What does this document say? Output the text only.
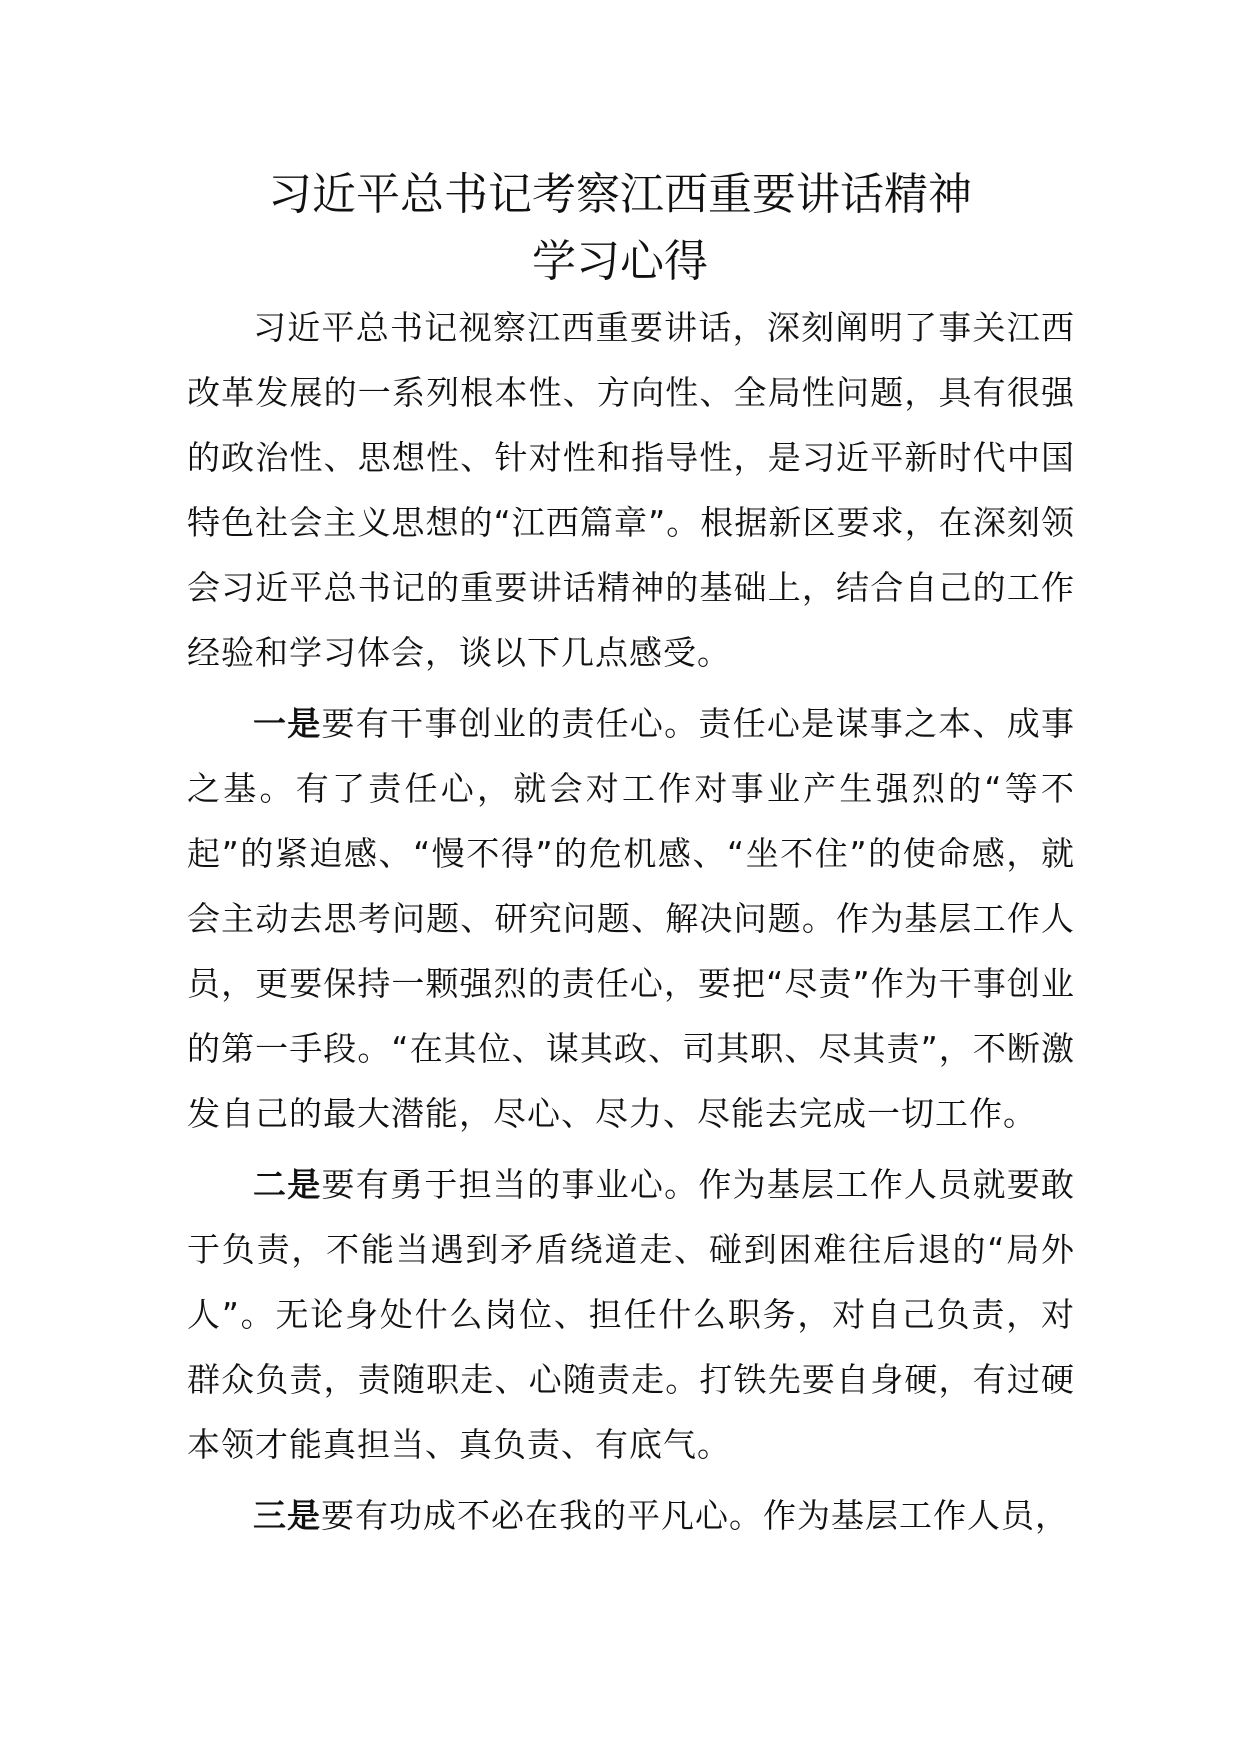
习近平总书记考察江西重要讲话精神
学习心得

习近平总书记视察江西重要讲话，深刻阐明了事关江西改革发展的一系列根本性、方向性、全局性问题，具有很强的政治性、思想性、针对性和指导性，是习近平新时代中国特色社会主义思想的“江西篇章”。根据新区要求，在深刻领会习近平总书记的重要讲话精神的基础上，结合自己的工作经验和学习体会，谈以下几点感受。

一是要有干事创业的责任心。责任心是谋事之本、成事之基。有了责任心，就会对工作对事业产生强烈的“等不起”的紧迫感、“慢不得”的危机感、“坐不住”的使命感，就会主动去思考问题、研究问题、解决问题。作为基层工作人员，更要保持一颗强烈的责任心，要把“尽责”作为干事创业的第一手段。“在其位、谋其政、司其职、尽其责”，不断激发自己的最大潜能，尽心、尽力、尽能去完成一切工作。

二是要有勇于担当的事业心。作为基层工作人员就要敢于负责，不能当遇到矛盾绕道走、碰到困难往后退的“局外人”。无论身处什么岗位、担任什么职务，对自己负责，对群众负责，责随职走、心随责走。打铁先要自身硬，有过硬本领才能真担当、真负责、有底气。

三是要有功成不必在我的平凡心。作为基层工作人员，
